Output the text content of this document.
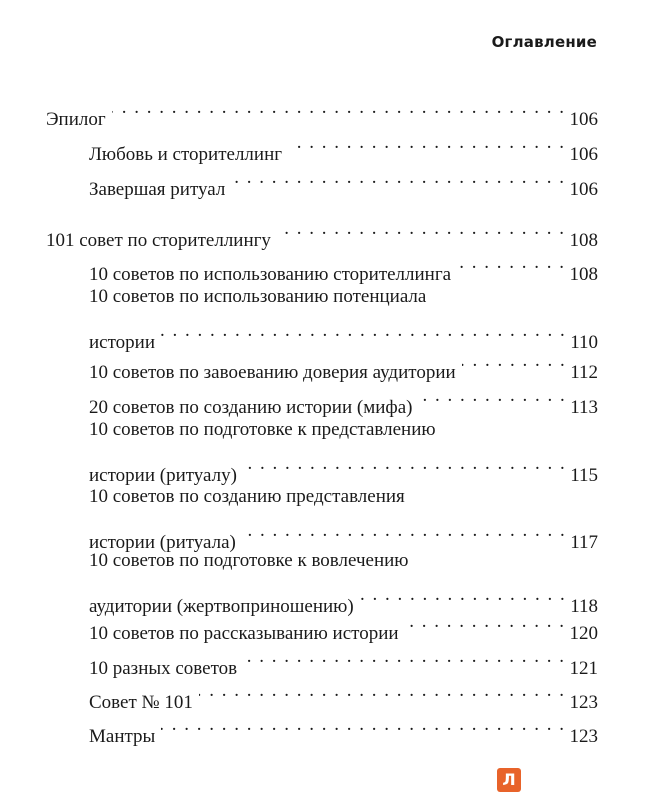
Оглавление
Эпилог . . .	106
Любовь и сторителлинг . . .	106
Завершая ритуал . . .	106
101 совет по сторителлингу . . .	108
10 советов по использованию сторителлинга . . .	108
10 советов по использованию потенциала
истории . . .	110
10 советов по завоеванию доверия аудитории . . .	112
20 советов по созданию истории (мифа) . . .	113
10 советов по подготовке к представлению
истории (ритуалу) . . .	115
10 советов по созданию представления
истории (ритуала) . . .	117
10 советов по подготовке к вовлечению
аудитории (жертвоприношению) . . .	118
10 советов по рассказыванию истории . . .	120
10 разных советов . . .	121
Совет № 101 . . .	123
Мантры . . .	123
Л
